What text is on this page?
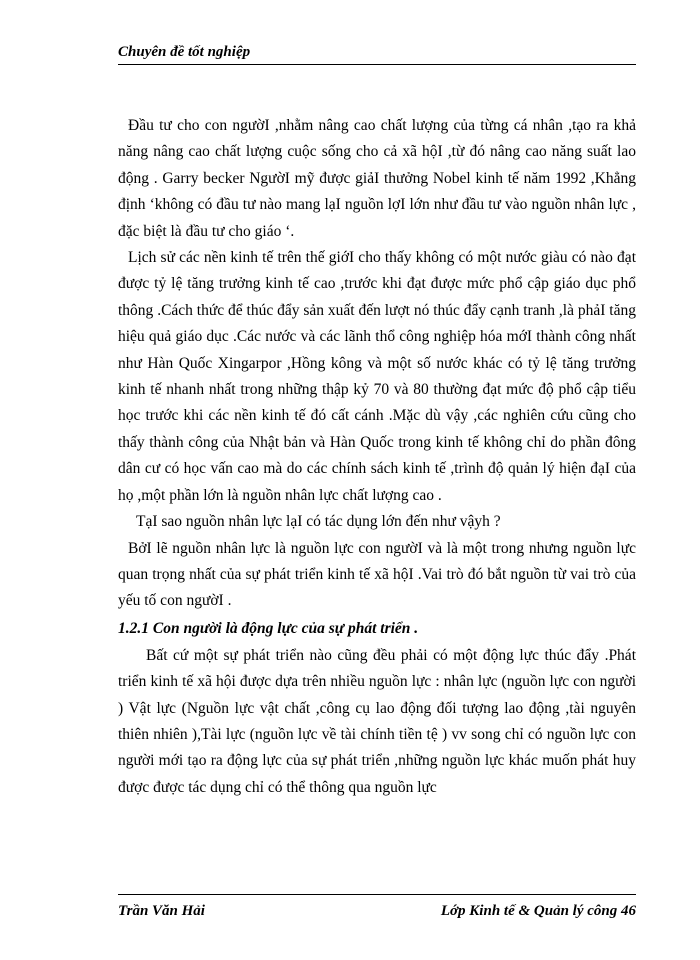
Chuyên đề tốt nghiệp

Đầu tư cho con ngườI ,nhằm nâng cao chất lượng của từng cá nhân ,tạo ra khả năng nâng cao chất lượng cuộc sống cho cả xã hộI ,từ đó nâng cao năng suất lao động . Garry becker NgườI mỹ được giảI thưởng Nobel kinh tế năm 1992 ,Khẳng định ‘không có đầu tư nào mang lạI nguồn lợI lớn như đầu tư vào nguồn nhân lực , đặc biệt là đầu tư cho giáo ‘.

Lịch sử các nền kinh tế trên thế giớI cho thấy không có một nước giàu có nào đạt được tỷ lệ tăng trưởng kinh tế cao ,trước khi đạt được mức phổ cập giáo dục phổ thông .Cách thức để thúc đẩy sản xuất đến lượt nó thúc đẩy cạnh tranh ,là phảI tăng hiệu quả giáo dục .Các nước và các lãnh thổ công nghiệp hóa mớI thành công nhất như Hàn Quốc Xingarpor ,Hồng kông và một số nước khác có tỷ lệ tăng trưởng kinh tế nhanh nhất trong những thập kỷ 70 và 80 thường đạt mức độ phổ cập tiểu học trước khi các nền kinh tế đó cất cánh .Mặc dù vậy ,các nghiên cứu cũng cho thấy thành công của Nhật bản và Hàn Quốc trong kinh tế không chỉ do phần đông dân cư có học vấn cao mà do các chính sách kinh tế ,trình độ quản lý hiện đạI của họ ,một phần lớn là nguồn nhân lực chất lượng cao .

TạI sao nguồn nhân lực lạI có tác dụng lớn đến như vậyh ?

BởI lẽ nguồn nhân lực là nguồn lực con ngườI và là một trong nhưng nguồn lực quan trọng nhất của sự phát triển kinh tế xã hộI .Vai trò đó bắt nguồn từ vai trò của yếu tố con ngườI .

1.2.1 Con người là động lực của sự phát triển .

Bất cứ một sự phát triển nào cũng đều phải có một động lực thúc đẩy .Phát triển kinh tế xã hội được dựa trên nhiều nguồn lực : nhân lực (nguồn lực con người ) Vật lực (Nguồn lực vật chất ,công cụ lao động đối tượng lao động ,tài nguyên thiên nhiên ),Tài lực (nguồn lực về tài chính tiền tệ ) vv song chỉ có nguồn lực con người mới tạo ra động lực của sự phát triển ,những nguồn lực khác muốn phát huy được được tác dụng chỉ có thể thông qua nguồn lực

Trần Văn Hải	Lớp Kinh tế & Quản lý công 46
